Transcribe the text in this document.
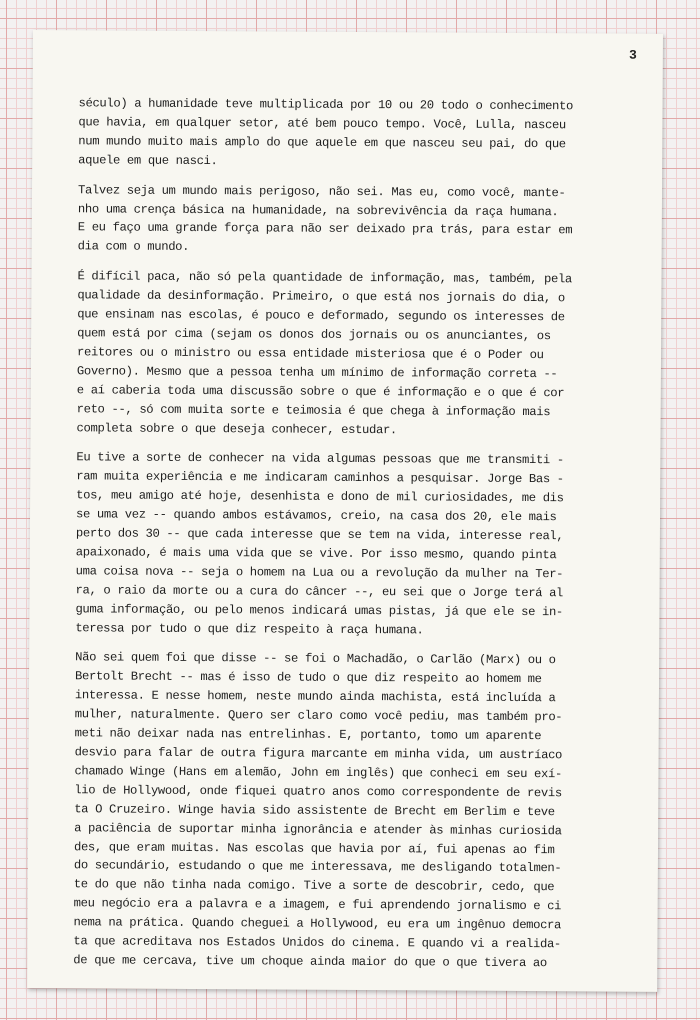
3
século) a humanidade teve multiplicada por 10 ou 20 todo o conhecimento
que havia, em qualquer setor, até bem pouco tempo. Você, Lulla, nasceu
num mundo muito mais amplo do que aquele em que nasceu seu pai, do que
aquele em que nasci.
Talvez seja um mundo mais perigoso, não sei. Mas eu, como você, mante-
nho uma crença básica na humanidade, na sobrevivência da raça humana.
E eu faço uma grande força para não ser deixado pra trás, para estar em
dia com o mundo.
É difícil paca, não só pela quantidade de informação, mas, também, pela
qualidade da desinformação. Primeiro, o que está nos jornais do dia, o
que ensinam nas escolas, é pouco e deformado, segundo os interesses de
quem está por cima (sejam os donos dos jornais ou os anunciantes, os
reitores ou o ministro ou essa entidade misteriosa que é o Poder ou
Governo). Mesmo que a pessoa tenha um mínimo de informação correta --
e aí caberia toda uma discussão sobre o que é informação e o que é cor
reto --, só com muita sorte e teimosia é que chega à informação mais
completa sobre o que deseja conhecer, estudar.
Eu tive a sorte de conhecer na vida algumas pessoas que me transmiti -
ram muita experiência e me indicaram caminhos a pesquisar. Jorge Bas -
tos, meu amigo até hoje, desenhista e dono de mil curiosidades, me dis
se uma vez -- quando ambos estávamos, creio, na casa dos 20, ele mais
perto dos 30 -- que cada interesse que se tem na vida, interesse real,
apaixonado, é mais uma vida que se vive. Por isso mesmo, quando pinta
uma coisa nova -- seja o homem na Lua ou a revolução da mulher na Ter-
ra, o raio da morte ou a cura do câncer --, eu sei que o Jorge terá al
guma informação, ou pelo menos indicará umas pistas, já que ele se in-
teressa por tudo o que diz respeito à raça humana.
Não sei quem foi que disse -- se foi o Machadão, o Carlão (Marx) ou o
Bertolt Brecht -- mas é isso de tudo o que diz respeito ao homem me
interessa. E nesse homem, neste mundo ainda machista, está incluída a
mulher, naturalmente. Quero ser claro como você pediu, mas também pro-
meti não deixar nada nas entrelinhas. E, portanto, tomo um aparente
desvio para falar de outra figura marcante em minha vida, um austríaco
chamado Winge (Hans em alemão, John em inglês) que conheci em seu exí-
lio de Hollywood, onde fiquei quatro anos como correspondente de revis
ta O Cruzeiro. Winge havia sido assistente de Brecht em Berlim e teve
a paciência de suportar minha ignorância e atender às minhas curiosida
des, que eram muitas. Nas escolas que havia por aí, fui apenas ao fim
do secundário, estudando o que me interessava, me desligando totalmen-
te do que não tinha nada comigo. Tive a sorte de descobrir, cedo, que
meu negócio era a palavra e a imagem, e fui aprendendo jornalismo e ci
nema na prática. Quando cheguei a Hollywood, eu era um ingênuo democra
ta que acreditava nos Estados Unidos do cinema. E quando vi a realida-
de que me cercava, tive um choque ainda maior do que o que tivera ao
